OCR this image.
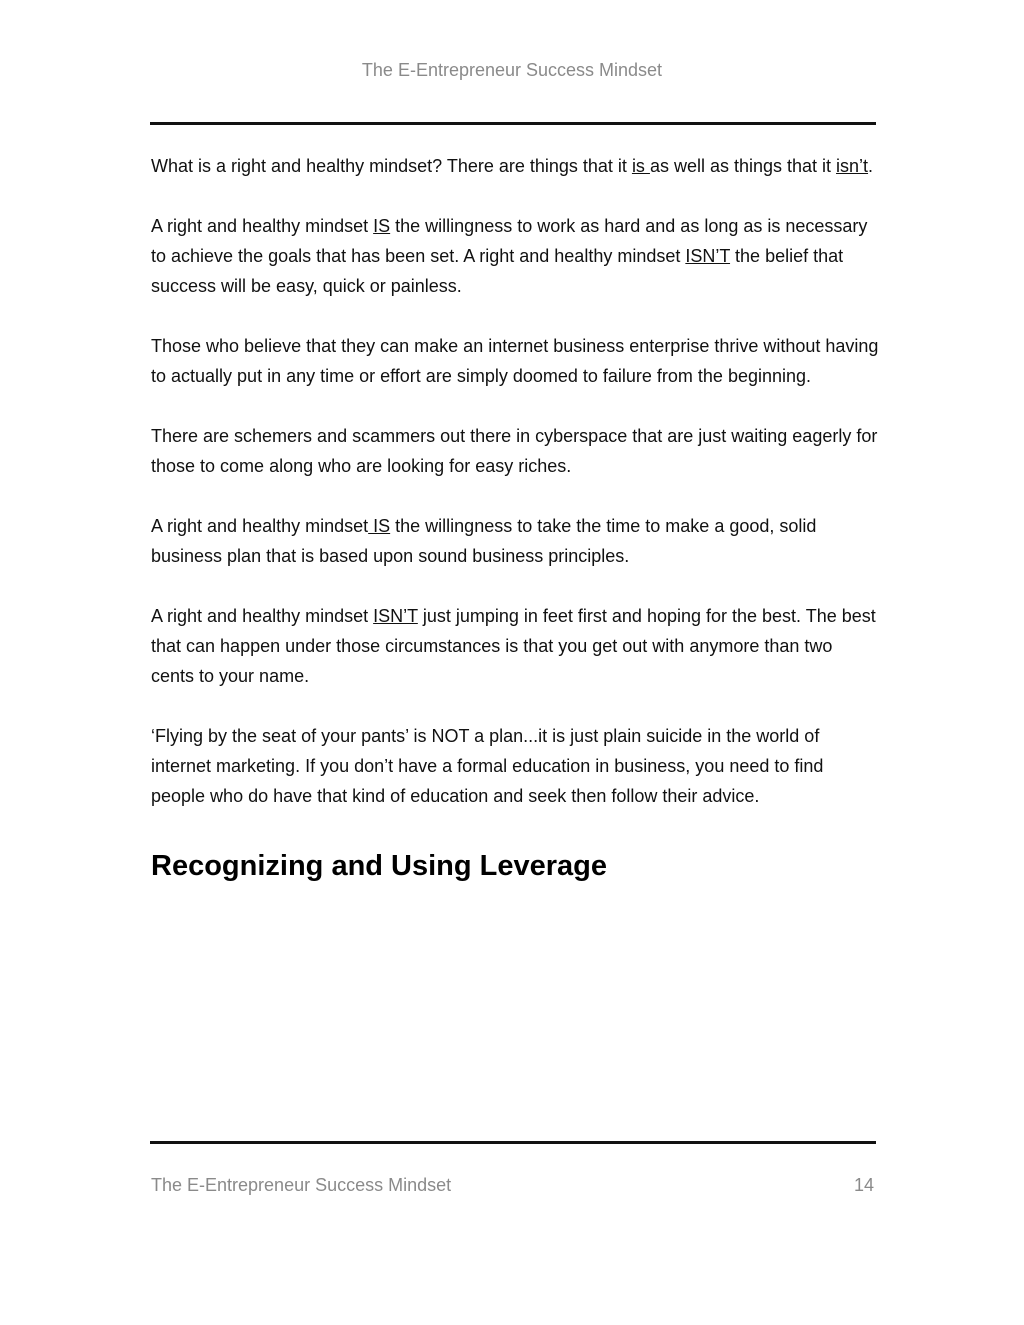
The E-Entrepreneur Success Mindset

What is a right and healthy mindset? There are things that it is as well as things that it isn’t.

A right and healthy mindset IS the willingness to work as hard and as long as is necessary to achieve the goals that has been set. A right and healthy mindset ISN’T the belief that success will be easy, quick or painless.

Those who believe that they can make an internet business enterprise thrive without having to actually put in any time or effort are simply doomed to failure from the beginning.

There are schemers and scammers out there in cyberspace that are just waiting eagerly for those to come along who are looking for easy riches.

A right and healthy mindset IS the willingness to take the time to make a good, solid business plan that is based upon sound business principles.

A right and healthy mindset ISN’T just jumping in feet first and hoping for the best. The best that can happen under those circumstances is that you get out with anymore than two cents to your name.

‘Flying by the seat of your pants’ is NOT a plan...it is just plain suicide in the world of internet marketing. If you don’t have a formal education in business, you need to find people who do have that kind of education and seek then follow their advice.

Recognizing and Using Leverage
The E-Entrepreneur Success Mindset	14
